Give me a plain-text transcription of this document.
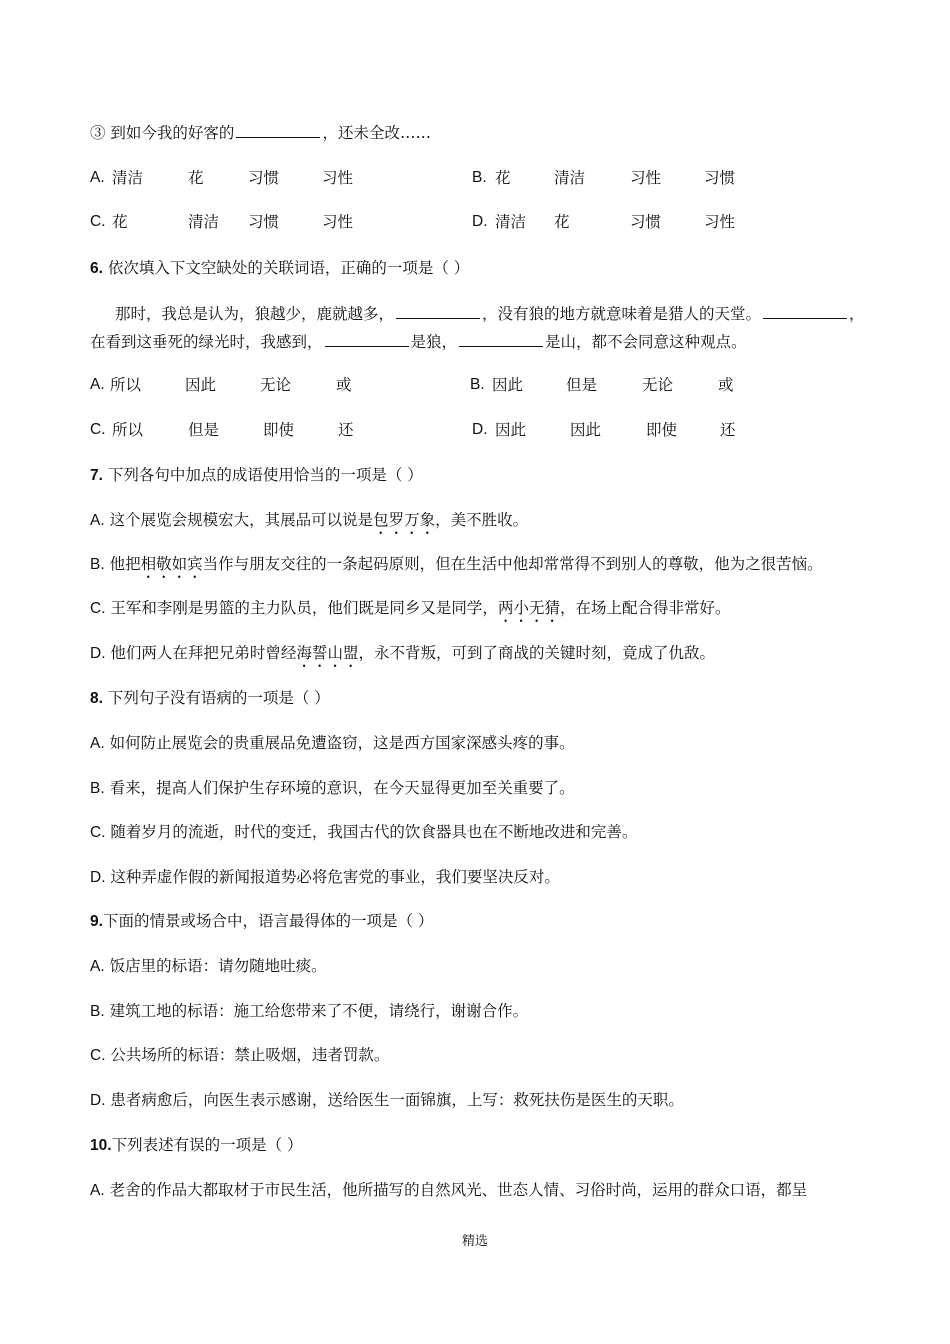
③ 到如今我的好客的	，还未全改……
A. 清洁	花	习惯	习性	B. 花	清洁	习性	习惯
C. 花	清洁 习惯	习性	D. 清洁 花	习惯	习性
6. 依次填入下文空缺处的关联词语，正确的一项是（ ）
那时，我总是认为，狼越少，鹿就越多，	，没有狼的地方就意味着是猎人的天堂。	，
在看到这垂死的绿光时，我感到，	是狼，	是山，都不会同意这种观点。
A. 所以	因此	无论	或	B. 因此	但是	无论	或
C. 所以	但是	即使	还	D. 因此	因此	即使	还
7. 下列各句中加点的成语使用恰当的一项是（ ）
A. 这个展览会规模宏大，其展品可以说是包罗万象，美不胜收。
B. 他把相敬如宾当作与朋友交往的一条起码原则，但在生活中他却常常得不到别人的尊敬，他为之很苦恼。
C. 王军和李刚是男篮的主力队员，他们既是同乡又是同学，两小无猜，在场上配合得非常好。
D. 他们两人在拜把兄弟时曾经海誓山盟，永不背叛，可到了商战的关键时刻，竟成了仇敌。
8. 下列句子没有语病的一项是（ ）
A. 如何防止展览会的贵重展品免遭盗窃，这是西方国家深感头疼的事。
B. 看来，提高人们保护生存环境的意识，在今天显得更加至关重要了。
C. 随着岁月的流逝，时代的变迁，我国古代的饮食器具也在不断地改进和完善。
D. 这种弄虚作假的新闻报道势必将危害党的事业，我们要坚决反对。
9.下面的情景或场合中，语言最得体的一项是（ ）
A. 饭店里的标语：请勿随地吐痰。
B. 建筑工地的标语：施工给您带来了不便，请绕行，谢谢合作。
C. 公共场所的标语：禁止吸烟，违者罚款。
D. 患者病愈后，向医生表示感谢，送给医生一面锦旗，上写：救死扶伤是医生的天职。
10.下列表述有误的一项是（ ）
A. 老舍的作品大都取材于市民生活，他所描写的自然风光、世态人情、习俗时尚，运用的群众口语，都呈
精选
